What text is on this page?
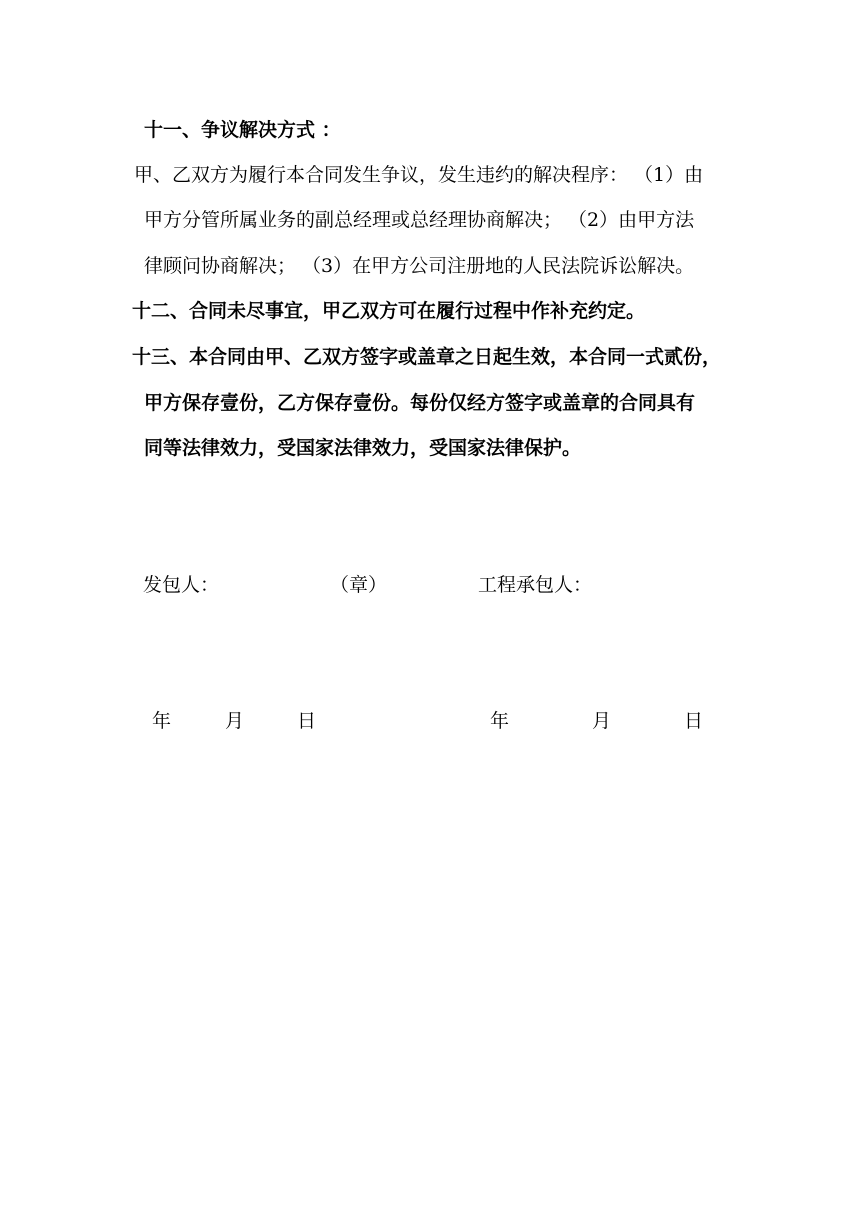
十一、争议解决方式 ：
甲、乙双方为履行本合同发生争议，发生违约的解决程序： （1）由
甲方分管所属业务的副总经理或总经理协商解决； （2）由甲方法
律顾问协商解决； （3）在甲方公司注册地的人民法院诉讼解决。
十二、合同未尽事宜，甲乙双方可在履行过程中作补充约定。
十三、本合同由甲、乙双方签字或盖章之日起生效，本合同一式贰份，
甲方保存壹份，乙方保存壹份。每份仅经方签字或盖章的合同具有
同等法律效力，受国家法律效力，受国家法律保护。
发包人：	（章）	工程承包人：
年	月	日	年	月	日
